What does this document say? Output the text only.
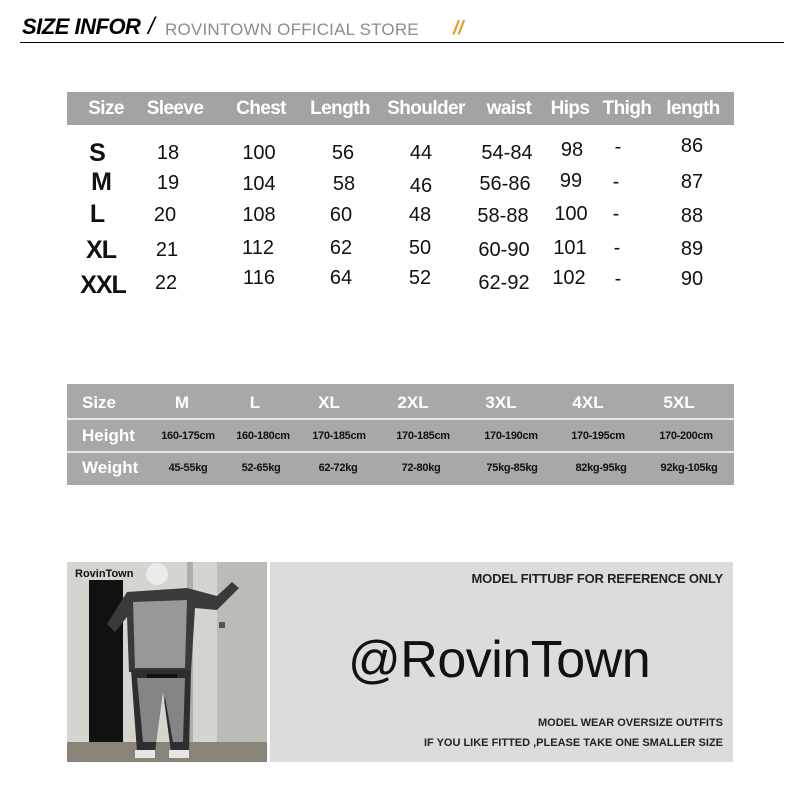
SIZE INFOR / ROVINTOWN OFFICIAL STORE //
Size Sleeve Chest Length Shoulder waist Hips Thigh length
S	18	100	56	44 54-84 98 -	86
M 19	104	58	46 56-86 99 -	87
L 20	108	60	48 58-88 100 -	88
XL 21	112	62	50 60-90 101 -	89
XXL 22	116	64	52 62-92 102 -	90
Size	M	L	XL	2XL	3XL	4XL	5XL
Height 160-175cm 160-180cm 170-185cm	170-185cm	170-190cm	170-195cm	170-200cm
Weight	45-55kg	52-65kg	62-72kg	72-80kg	75kg-85kg	82kg-95kg	92kg-105kg
RovinTown	MODEL FITTUBF FOR REFERENCE ONLY
@RovinTown
MODEL WEAR OVERSIZE OUTFITS
IF YOU LIKE FITTED ,PLEASE TAKE ONE SMALLER SIZE
